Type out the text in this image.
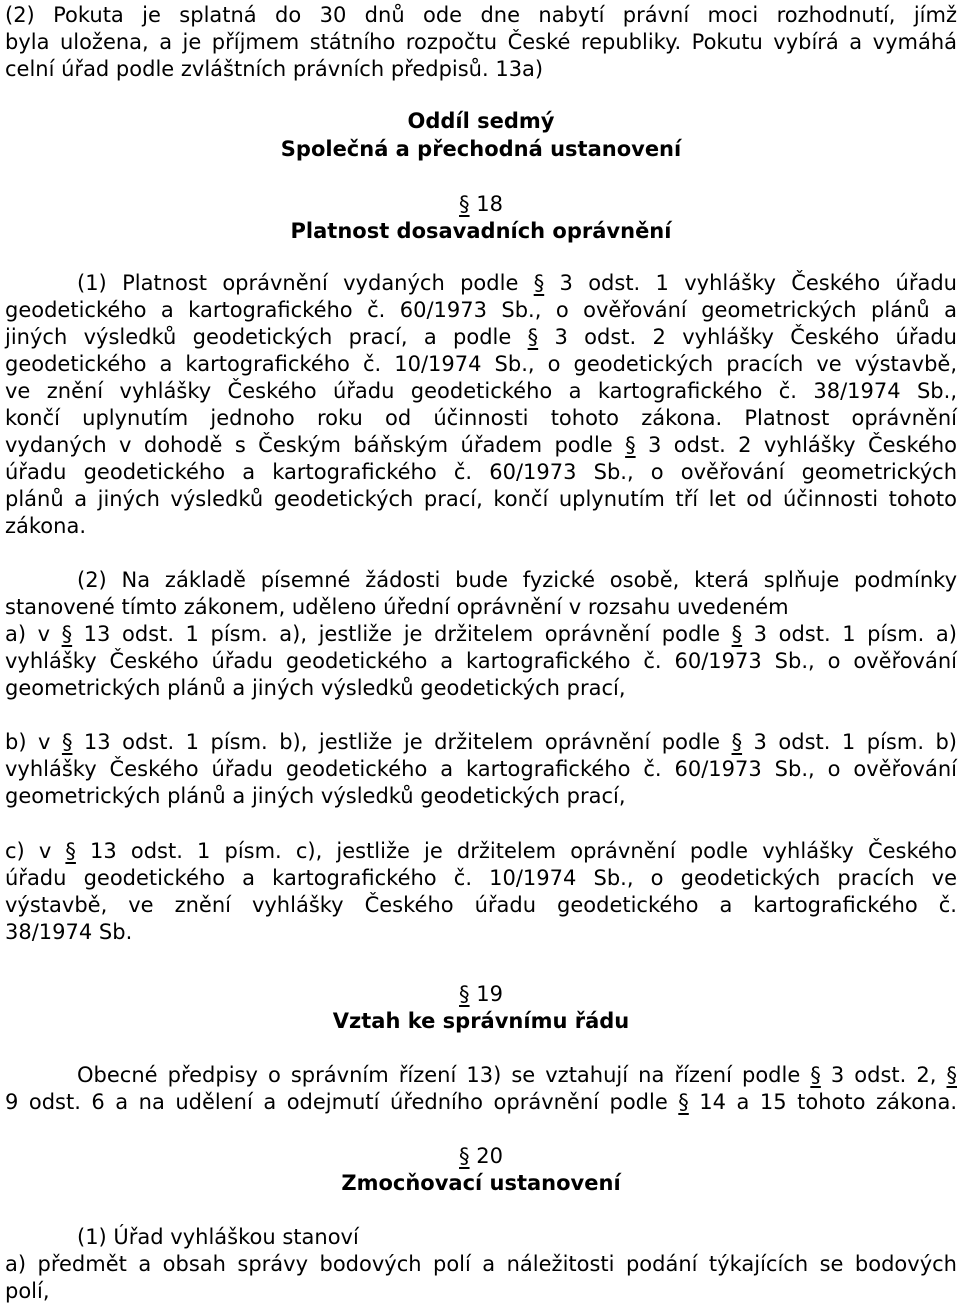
(2) Pokuta je splatná do 30 dnů ode dne nabytí právní moci rozhodnutí, jímž
byla uložena, a je příjmem státního rozpočtu České republiky. Pokutu vybírá a vymáhá
celní úřad podle zvláštních právních předpisů. 13a)
Oddíl sedmý
Společná a přechodná ustanovení
§ 18
Platnost dosavadních oprávnění
(1) Platnost oprávnění vydaných podle § 3 odst. 1 vyhlášky Českého úřadu
geodetického a kartografického č. 60/1973 Sb., o ověřování geometrických plánů a
jiných výsledků geodetických prací, a podle § 3 odst. 2 vyhlášky Českého úřadu
geodetického a kartografického č. 10/1974 Sb., o geodetických pracích ve výstavbě,
ve znění vyhlášky Českého úřadu geodetického a kartografického č. 38/1974 Sb.,
končí uplynutím jednoho roku od účinnosti tohoto zákona. Platnost oprávnění
vydaných v dohodě s Českým báňským úřadem podle § 3 odst. 2 vyhlášky Českého
úřadu geodetického a kartografického č. 60/1973 Sb., o ověřování geometrických
plánů a jiných výsledků geodetických prací, končí uplynutím tří let od účinnosti tohoto
zákona.
(2) Na základě písemné žádosti bude fyzické osobě, která splňuje podmínky
stanovené tímto zákonem, uděleno úřední oprávnění v rozsahu uvedeném
a) v § 13 odst. 1 písm. a), jestliže je držitelem oprávnění podle § 3 odst. 1 písm. a)
vyhlášky Českého úřadu geodetického a kartografického č. 60/1973 Sb., o ověřování
geometrických plánů a jiných výsledků geodetických prací,
b) v § 13 odst. 1 písm. b), jestliže je držitelem oprávnění podle § 3 odst. 1 písm. b)
vyhlášky Českého úřadu geodetického a kartografického č. 60/1973 Sb., o ověřování
geometrických plánů a jiných výsledků geodetických prací,
c) v § 13 odst. 1 písm. c), jestliže je držitelem oprávnění podle vyhlášky Českého
úřadu geodetického a kartografického č. 10/1974 Sb., o geodetických pracích ve
výstavbě, ve znění vyhlášky Českého úřadu geodetického a kartografického č.
38/1974 Sb.
§ 19
Vztah ke správnímu řádu
Obecné předpisy o správním řízení 13) se vztahují na řízení podle § 3 odst. 2, §
9 odst. 6 a na udělení a odejmutí úředního oprávnění podle § 14 a 15 tohoto zákona.
§ 20
Zmocňovací ustanovení
(1) Úřad vyhláškou stanoví
a) předmět a obsah správy bodových polí a náležitosti podání týkajících se bodových
polí,
